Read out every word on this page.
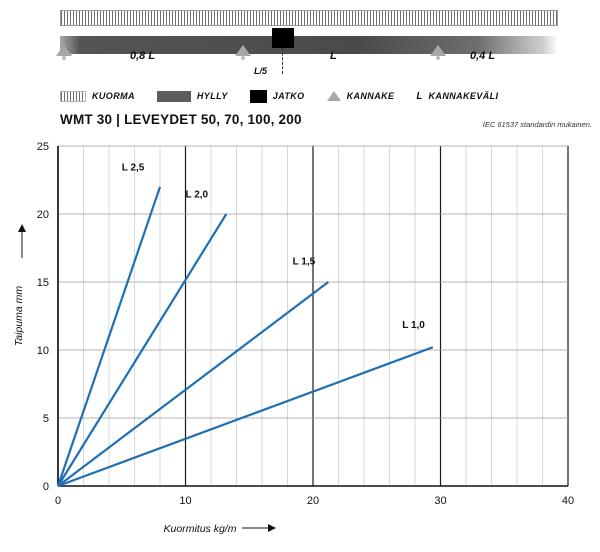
0,8 L	L	0,4 L
L/5
KUORMA	HYLLY	JATKO	KANNAKE L KANNAKEVÄLI
WMT 30 | LEVEYDET 50, 70, 100, 200	IEC 61537 standardin mukainen.
0	10	20	30	40
0
5
10
15
20
25
L 2,5
L 2,0
L 1,5
L 1,0
Taipuma mm
Kuormitus kg/m
